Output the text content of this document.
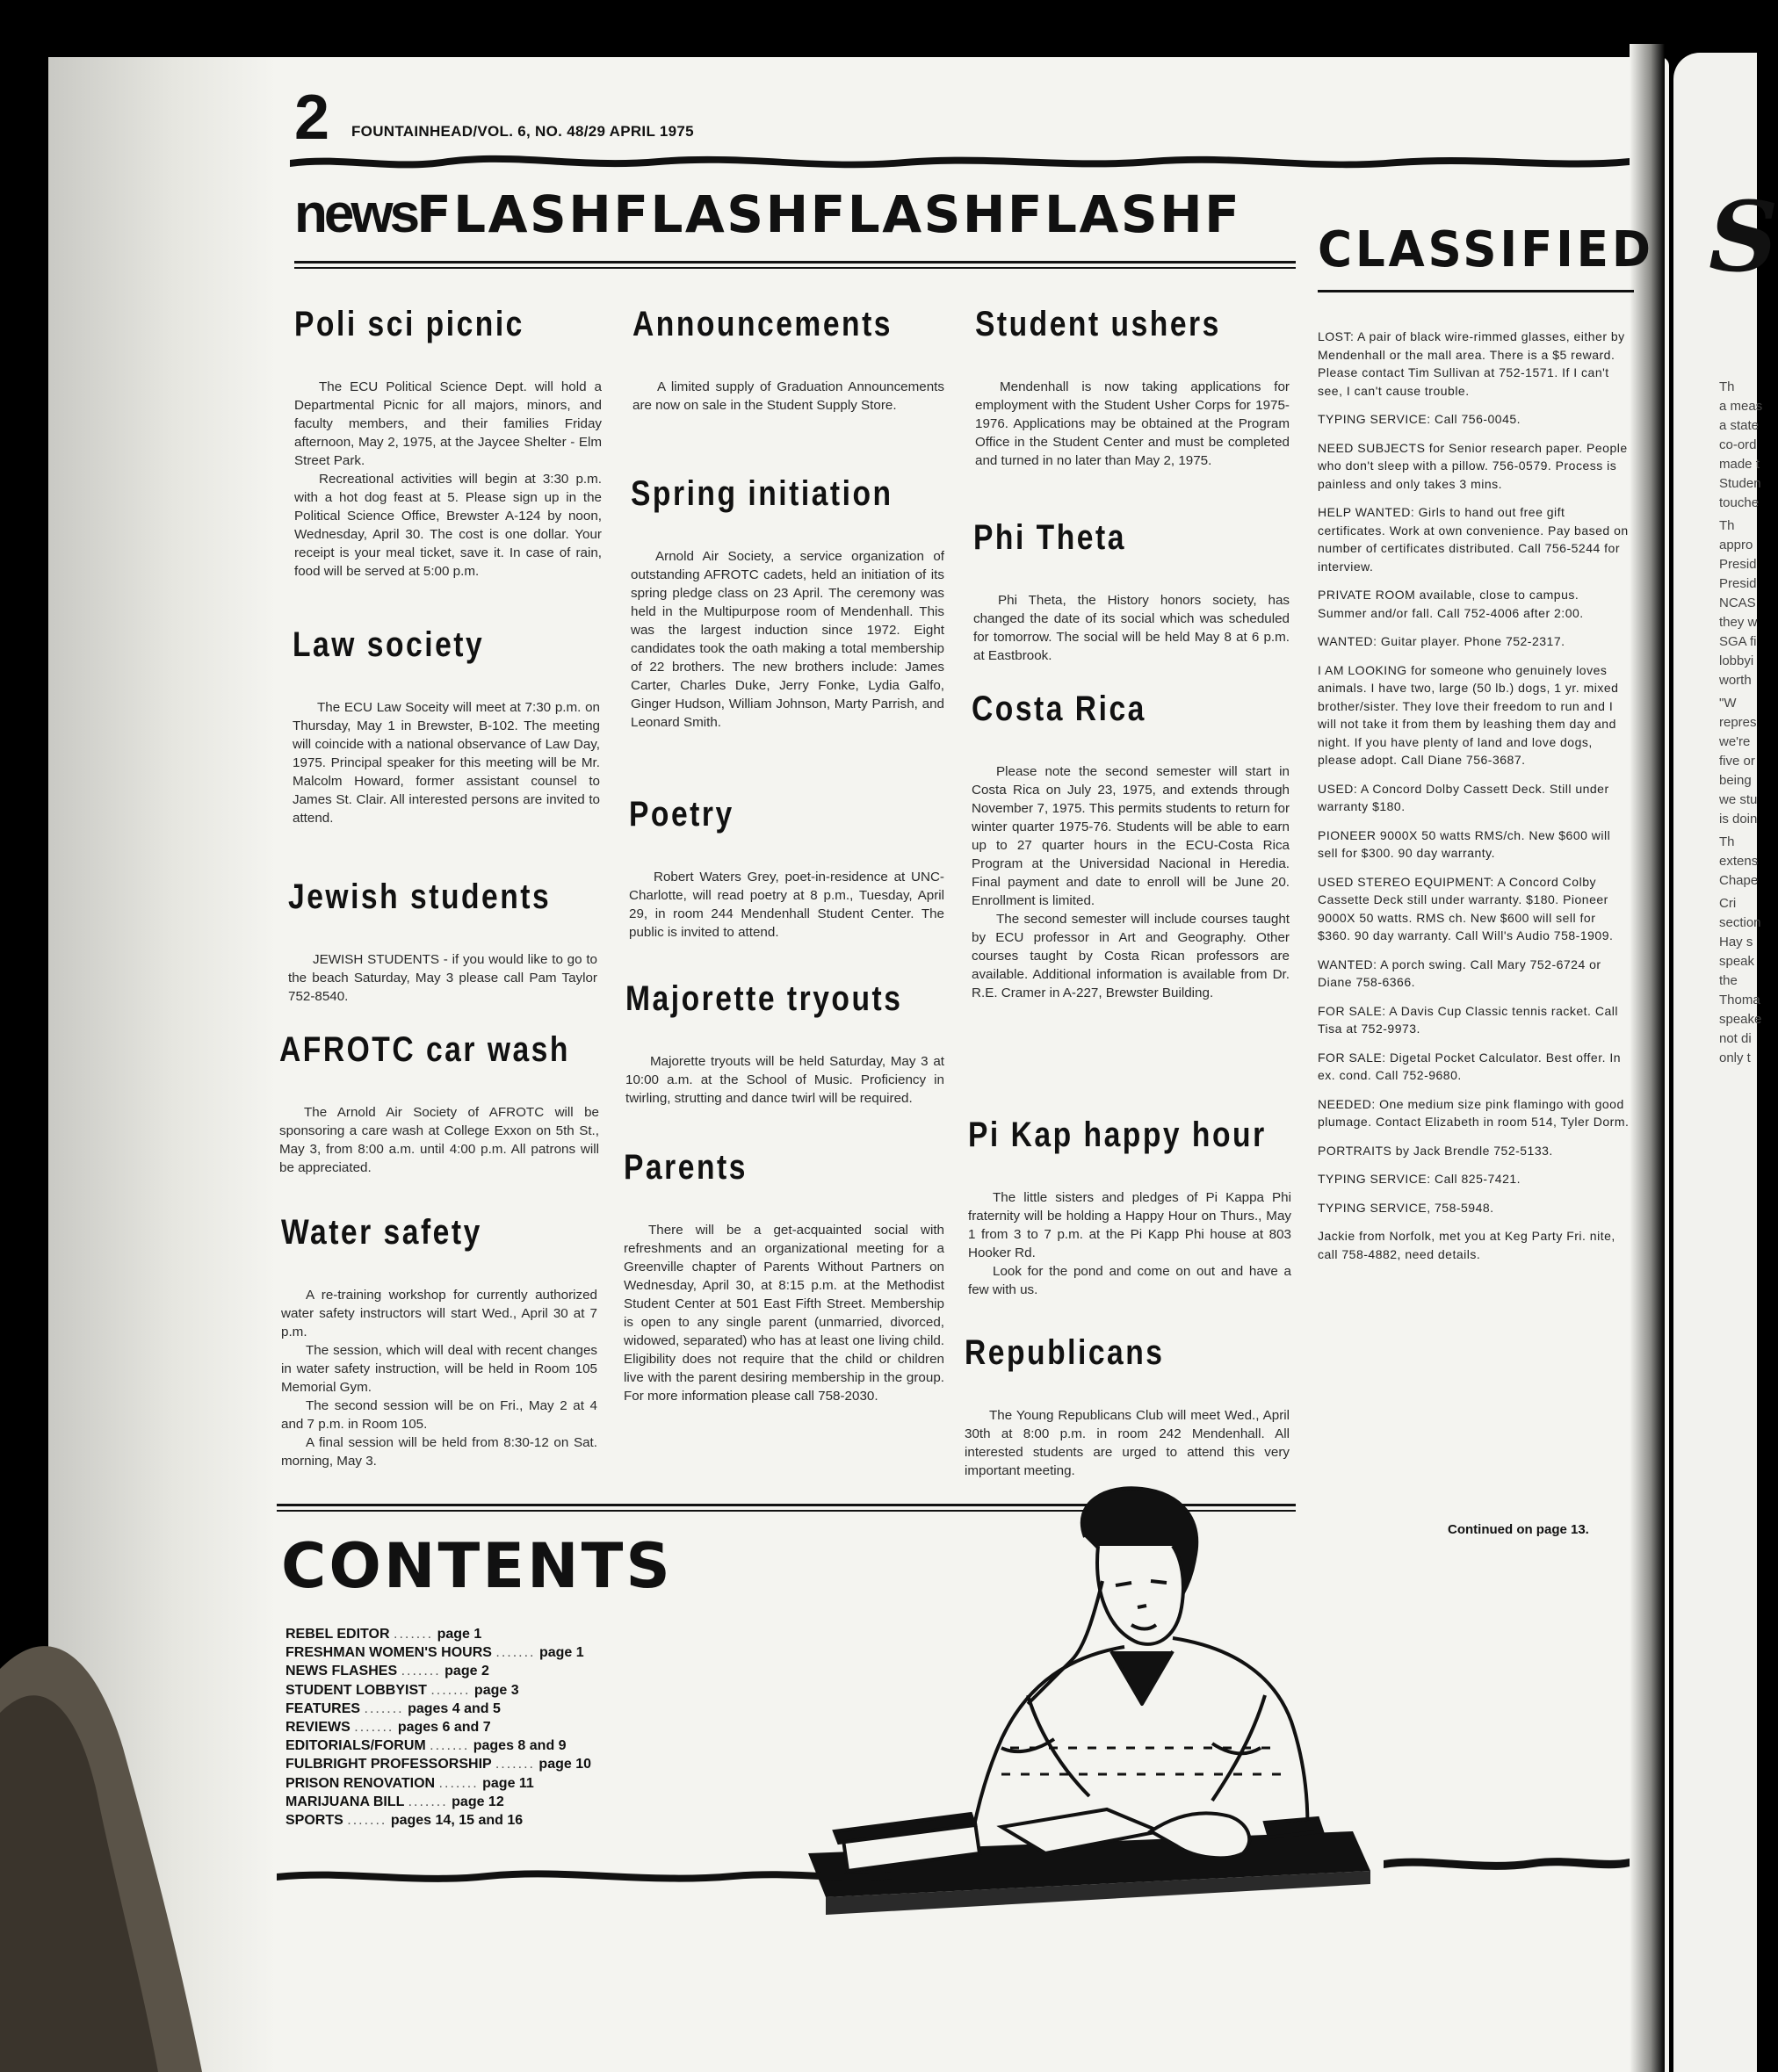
S
Th
a meas
a state
co-ord
made t
Studen
touche
Th
appro
Presid
Presid
NCAS
they w
SGA fi
lobbyi
worth
"W
repres
we're
five or
being
we stu
is doin
Th
extens
Chape
Cri
section
Hay s
speak
the
Thoma
speake
not di
only t
2 FOUNTAINHEAD/VOL. 6, NO. 48/29 APRIL 1975
newsFLASHFLASHFLASHFLASHF
CLASSIFIED
Poli sci picnic

The ECU Political Science Dept. will hold a Departmental Picnic for all majors, minors, and faculty members, and their families Friday afternoon, May 2, 1975, at the Jaycee Shelter - Elm Street Park.

Recreational activities will begin at 3:30 p.m. with a hot dog feast at 5. Please sign up in the Political Science Office, Brewster A-124 by noon, Wednesday, April 30. The cost is one dollar. Your receipt is your meal ticket, save it. In case of rain, food will be served at 5:00 p.m.

Law society

The ECU Law Soceity will meet at 7:30 p.m. on Thursday, May 1 in Brewster, B-102. The meeting will coincide with a national observance of Law Day, 1975. Principal speaker for this meeting will be Mr. Malcolm Howard, former assistant counsel to James St. Clair. All interested persons are invited to attend.

Jewish students

JEWISH STUDENTS - if you would like to go to the beach Saturday, May 3 please call Pam Taylor 752-8540.

AFROTC car wash

The Arnold Air Society of AFROTC will be sponsoring a care wash at College Exxon on 5th St., May 3, from 8:00 a.m. until 4:00 p.m. All patrons will be appreciated.

Water safety

A re-training workshop for currently authorized water safety instructors will start Wed., April 30 at 7 p.m.

The session, which will deal with recent changes in water safety instruction, will be held in Room 105 Memorial Gym.

The second session will be on Fri., May 2 at 4 and 7 p.m. in Room 105.

A final session will be held from 8:30-12 on Sat. morning, May 3.

Announcements

A limited supply of Graduation Announcements are now on sale in the Student Supply Store.

Spring initiation

Arnold Air Society, a service organization of outstanding AFROTC cadets, held an initiation of its spring pledge class on 23 April. The ceremony was held in the Multipurpose room of Mendenhall. This was the largest induction since 1972. Eight candidates took the oath making a total membership of 22 brothers. The new brothers include: James Carter, Charles Duke, Jerry Fonke, Lydia Galfo, Ginger Hudson, William Johnson, Marty Parrish, and Leonard Smith.

Poetry

Robert Waters Grey, poet-in-residence at UNC-Charlotte, will read poetry at 8 p.m., Tuesday, April 29, in room 244 Mendenhall Student Center. The public is invited to attend.

Majorette tryouts

Majorette tryouts will be held Saturday, May 3 at 10:00 a.m. at the School of Music. Proficiency in twirling, strutting and dance twirl will be required.

Parents

There will be a get-acquainted social with refreshments and an organizational meeting for a Greenville chapter of Parents Without Partners on Wednesday, April 30, at 8:15 p.m. at the Methodist Student Center at 501 East Fifth Street. Membership is open to any single parent (unmarried, divorced, widowed, separated) who has at least one living child. Eligibility does not require that the child or children live with the parent desiring membership in the group. For more information please call 758-2030.

Student ushers

Mendenhall is now taking applications for employment with the Student Usher Corps for 1975-1976. Applications may be obtained at the Program Office in the Student Center and must be completed and turned in no later than May 2, 1975.

Phi Theta

Phi Theta, the History honors society, has changed the date of its social which was scheduled for tomorrow. The social will be held May 8 at 6 p.m. at Eastbrook.

Costa Rica

Please note the second semester will start in Costa Rica on July 23, 1975, and extends through November 7, 1975. This permits students to return for winter quarter 1975-76. Students will be able to earn up to 27 quarter hours in the ECU-Costa Rica Program at the Universidad Nacional in Heredia. Final payment and date to enroll will be June 20. Enrollment is limited.

The second semester will include courses taught by ECU professor in Art and Geography. Other courses taught by Costa Rican professors are available. Additional information is available from Dr. R.E. Cramer in A-227, Brewster Building.

Pi Kap happy hour

The little sisters and pledges of Pi Kappa Phi fraternity will be holding a Happy Hour on Thurs., May 1 from 3 to 7 p.m. at the Pi Kapp Phi house at 803 Hooker Rd.

Look for the pond and come on out and have a few with us.

Republicans

The Young Republicans Club will meet Wed., April 30th at 8:00 p.m. in room 242 Mendenhall. All interested students are urged to attend this very important meeting.

LOST: A pair of black wire-rimmed glasses, either by Mendenhall or the mall area. There is a $5 reward. Please contact Tim Sullivan at 752-1571. If I can't see, I can't cause trouble.

TYPING SERVICE: Call 756-0045.

NEED SUBJECTS for Senior research paper. People who don't sleep with a pillow. 756-0579. Process is painless and only takes 3 mins.

HELP WANTED: Girls to hand out free gift certificates. Work at own convenience. Pay based on number of certificates distributed. Call 756-5244 for interview.

PRIVATE ROOM available, close to campus. Summer and/or fall. Call 752-4006 after 2:00.

WANTED: Guitar player. Phone 752-2317.

I AM LOOKING for someone who genuinely loves animals. I have two, large (50 lb.) dogs, 1 yr. mixed brother/sister. They love their freedom to run and I will not take it from them by leashing them day and night. If you have plenty of land and love dogs, please adopt. Call Diane 756-3687.

USED: A Concord Dolby Cassett Deck. Still under warranty $180.

PIONEER 9000X 50 watts RMS/ch. New $600 will sell for $300. 90 day warranty.

USED STEREO EQUIPMENT: A Concord Colby Cassette Deck still under warranty. $180. Pioneer 9000X 50 watts. RMS ch. New $600 will sell for $360. 90 day warranty. Call Will's Audio 758-1909.

WANTED: A porch swing. Call Mary 752-6724 or Diane 758-6366.

FOR SALE: A Davis Cup Classic tennis racket. Call Tisa at 752-9973.

FOR SALE: Digetal Pocket Calculator. Best offer. In ex. cond. Call 752-9680.

NEEDED: One medium size pink flamingo with good plumage. Contact Elizabeth in room 514, Tyler Dorm.

PORTRAITS by Jack Brendle 752-5133.

TYPING SERVICE: Call 825-7421.

TYPING SERVICE, 758-5948.

Jackie from Norfolk, met you at Keg Party Fri. nite, call 758-4882, need details.

Continued on page 13.
CONTENTS
REBEL EDITOR ....... page 1
FRESHMAN WOMEN'S HOURS ....... page 1
NEWS FLASHES ....... page 2
STUDENT LOBBYIST ....... page 3
FEATURES ....... pages 4 and 5
REVIEWS ....... pages 6 and 7
EDITORIALS/FORUM ....... pages 8 and 9
FULBRIGHT PROFESSORSHIP ....... page 10
PRISON RENOVATION ....... page 11
MARIJUANA BILL ....... page 12
SPORTS ....... pages 14, 15 and 16
